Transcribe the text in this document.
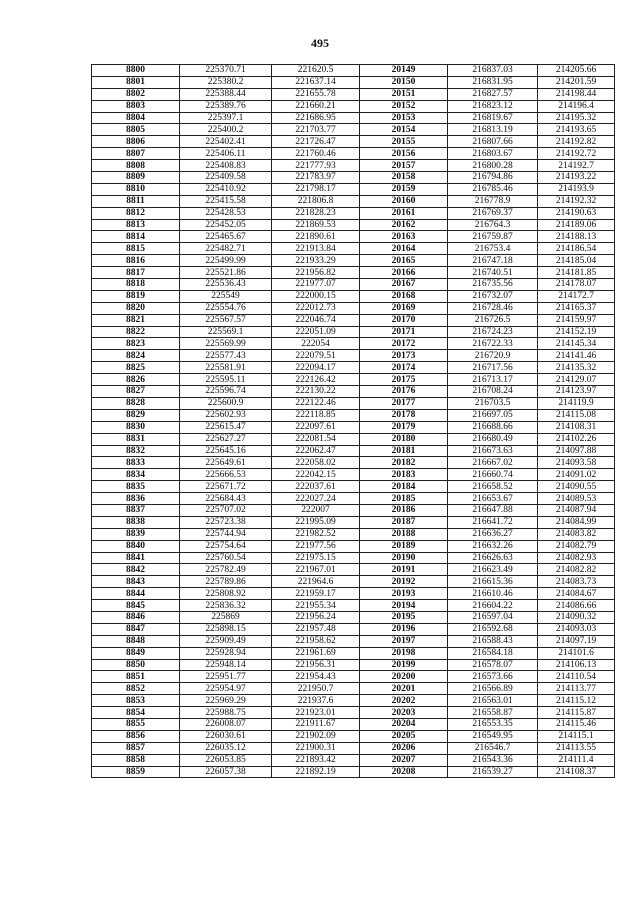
495
8800	225370.71	221620.5	20149	216837.03	214205.66
8801	225380.2	221637.14	20150	216831.95	214201.59
8802	225388.44	221655.78	20151	216827.57	214198.44
8803	225389.76	221660.21	20152	216823.12	214196.4
8804	225397.1	221686.95	20153	216819.67	214195.32
8805	225400.2	221703.77	20154	216813.19	214193.65
8806	225402.41	221726.47	20155	216807.66	214192.82
8807	225406.11	221760.46	20156	216803.67	214192.72
8808	225408.83	221777.93	20157	216800.28	214192.7
8809	225409.58	221783.97	20158	216794.86	214193.22
8810	225410.92	221798.17	20159	216785.46	214193.9
8811	225415.58	221806.8	20160	216778.9	214192.32
8812	225428.53	221828.23	20161	216769.37	214190.63
8813	225452.05	221869.53	20162	216764.3	214189.06
8814	225465.67	221890.61	20163	216759.87	214188.13
8815	225482.71	221913.84	20164	216753.4	214186.54
8816	225499.99	221933.29	20165	216747.18	214185.04
8817	225521.86	221956.82	20166	216740.51	214181.85
8818	225536.43	221977.07	20167	216735.56	214178.07
8819	225549	222000.15	20168	216732.07	214172.7
8820	225554.76	222012.73	20169	216728.46	214165.37
8821	225567.57	222046.74	20170	216726.5	214159.97
8822	225569.1	222051.09	20171	216724.23	214152.19
8823	225569.99	222054	20172	216722.33	214145.34
8824	225577.43	222079.51	20173	216720.9	214141.46
8825	225581.91	222094.17	20174	216717.56	214135.32
8826	225595.11	222126.42	20175	216713.17	214129.07
8827	225596.74	222130.22	20176	216708.24	214123.97
8828	225600.9	222122.46	20177	216703.5	214119.9
8829	225602.93	222118.85	20178	216697.05	214115.08
8830	225615.47	222097.61	20179	216688.66	214108.31
8831	225627.27	222081.54	20180	216680.49	214102.26
8832	225645.16	222062.47	20181	216673.63	214097.88
8833	225649.61	222058.02	20182	216667.02	214093.58
8834	225666.53	222042.15	20183	216660.74	214091.02
8835	225671.72	222037.61	20184	216658.52	214090.55
8836	225684.43	222027.24	20185	216653.67	214089.53
8837	225707.02	222007	20186	216647.88	214087.94
8838	225723.38	221995.09	20187	216641.72	214084.99
8839	225744.94	221982.52	20188	216636.27	214083.82
8840	225754.64	221977.56	20189	216632.26	214082.79
8841	225760.54	221975.15	20190	216626.63	214082.93
8842	225782.49	221967.01	20191	216623.49	214082.82
8843	225789.86	221964.6	20192	216615.36	214083.73
8844	225808.92	221959.17	20193	216610.46	214084.67
8845	225836.32	221955.34	20194	216604.22	214086.66
8846	225869	221956.24	20195	216597.04	214090.32
8847	225898.15	221957.48	20196	216592.68	214093.03
8848	225909.49	221958.62	20197	216588.43	214097.19
8849	225928.94	221961.69	20198	216584.18	214101.6
8850	225948.14	221956.31	20199	216578.07	214106.13
8851	225951.77	221954.43	20200	216573.66	214110.54
8852	225954.97	221950.7	20201	216566.89	214113.77
8853	225969.29	221937.6	20202	216563.01	214115.12
8854	225988.75	221923.01	20203	216558.87	214115.87
8855	226008.07	221911.67	20204	216553.35	214115.46
8856	226030.61	221902.09	20205	216549.95	214115.1
8857	226035.12	221900.31	20206	216546.7	214113.55
8858	226053.85	221893.42	20207	216543.36	214111.4
8859	226057.38	221892.19	20208	216539.27	214108.37
